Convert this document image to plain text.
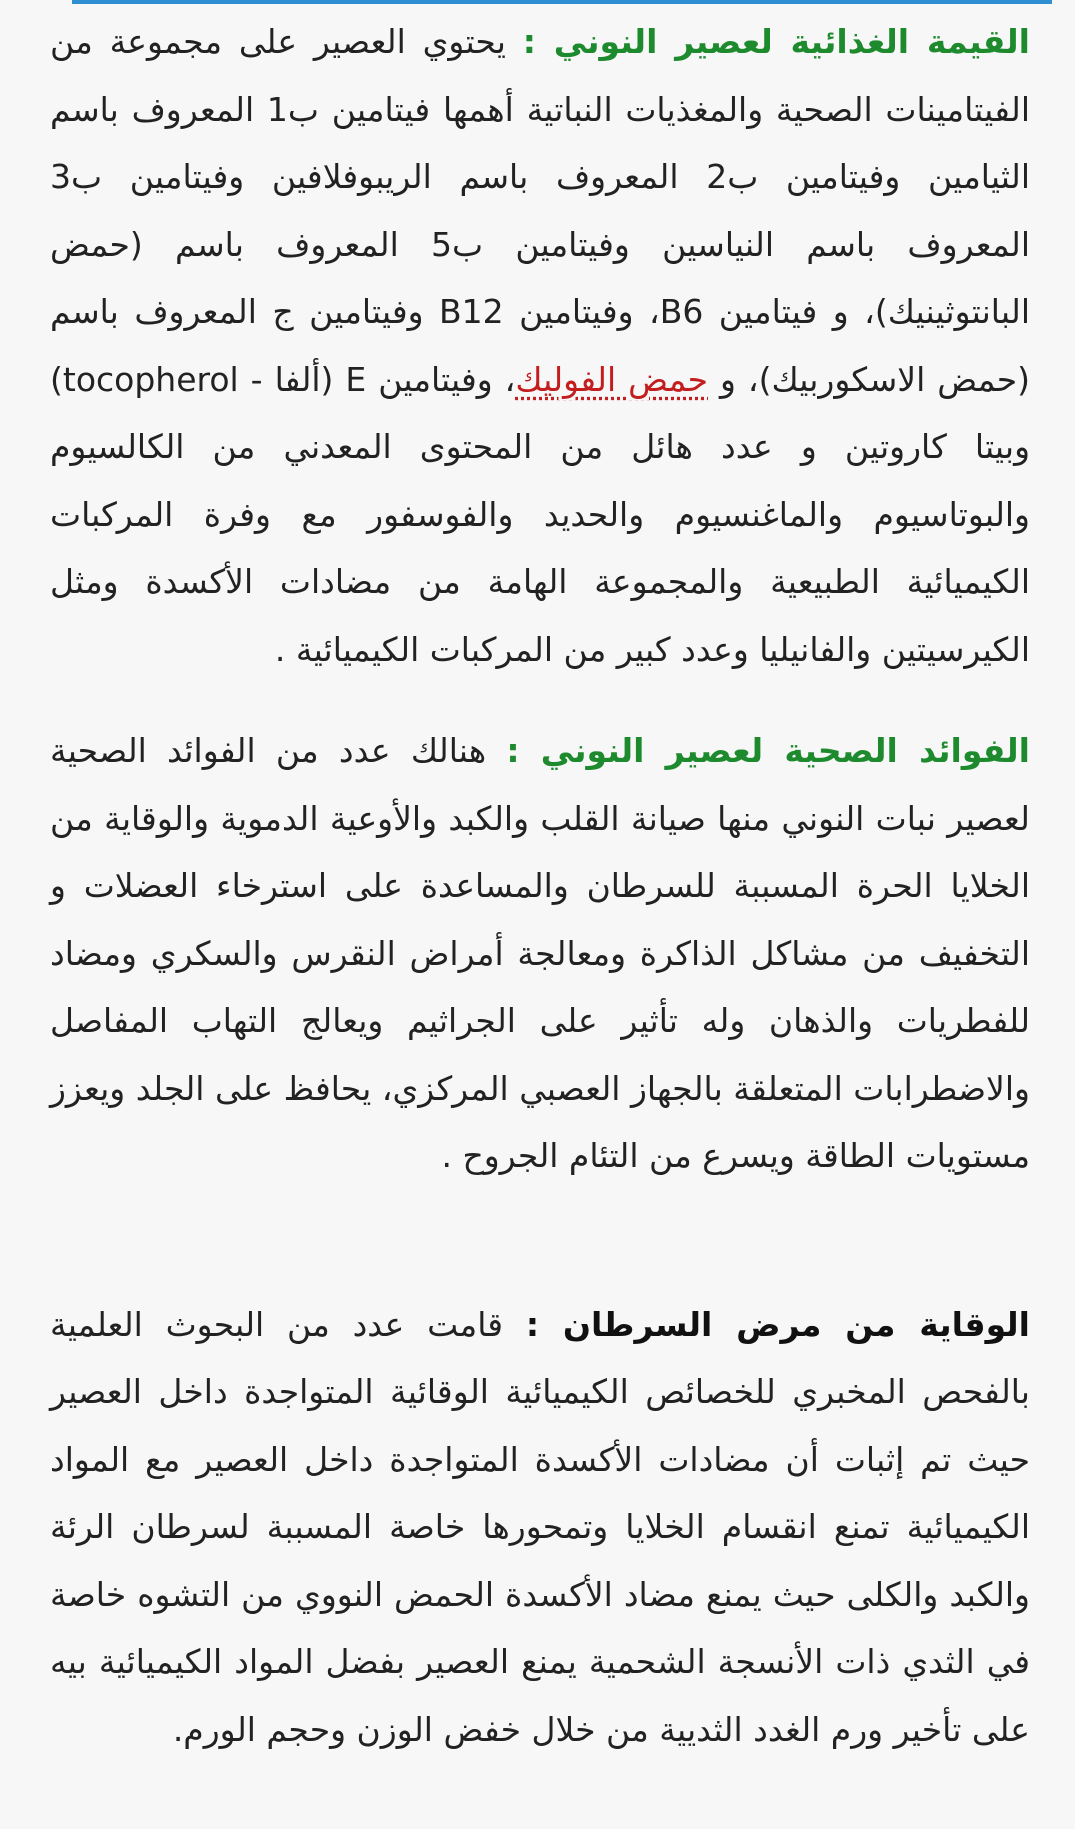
القيمة الغذائية لعصير النوني : يحتوي العصير على مجموعة من الفيتامينات الصحية والمغذيات النباتية أهمها فيتامين ب1 المعروف باسم الثيامين وفيتامين ب2 المعروف باسم الريبوفلافين وفيتامين ب3 المعروف باسم النياسين وفيتامين ب5 المعروف باسم (حمض البانتوثينيك)، و فيتامين B6، وفيتامين B12 وفيتامين ج المعروف باسم (حمض الاسكوربيك)، و حمض الفوليك، وفيتامين E (ألفا - tocopherol) وبيتا كاروتين و عدد هائل من المحتوى المعدني من الكالسيوم والبوتاسيوم والماغنسيوم والحديد والفوسفور مع وفرة المركبات الكيميائية الطبيعية والمجموعة الهامة من مضادات الأكسدة ومثل الكيرسيتين والفانيليا وعدد كبير من المركبات الكيميائية .

الفوائد الصحية لعصير النوني : هنالك عدد من الفوائد الصحية لعصير نبات النوني منها صيانة القلب والكبد والأوعية الدموية والوقاية من الخلايا الحرة المسببة للسرطان والمساعدة على استرخاء العضلات و التخفيف من مشاكل الذاكرة ومعالجة أمراض النقرس والسكري ومضاد للفطريات والذهان وله تأثير على الجراثيم ويعالج التهاب المفاصل والاضطرابات المتعلقة بالجهاز العصبي المركزي، يحافظ على الجلد ويعزز مستويات الطاقة ويسرع من التئام الجروح .

الوقاية من مرض السرطان : قامت عدد من البحوث العلمية بالفحص المخبري للخصائص الكيميائية الوقائية المتواجدة داخل العصير حيث تم إثبات أن مضادات الأكسدة المتواجدة داخل العصير مع المواد الكيميائية تمنع انقسام الخلايا وتمحورها خاصة المسببة لسرطان الرئة والكبد والكلى حيث يمنع مضاد الأكسدة الحمض النووي من التشوه خاصة في الثدي ذات الأنسجة الشحمية يمنع العصير بفضل المواد الكيميائية بيه على تأخير ورم الغدد الثديية من خلال خفض الوزن وحجم الورم.
